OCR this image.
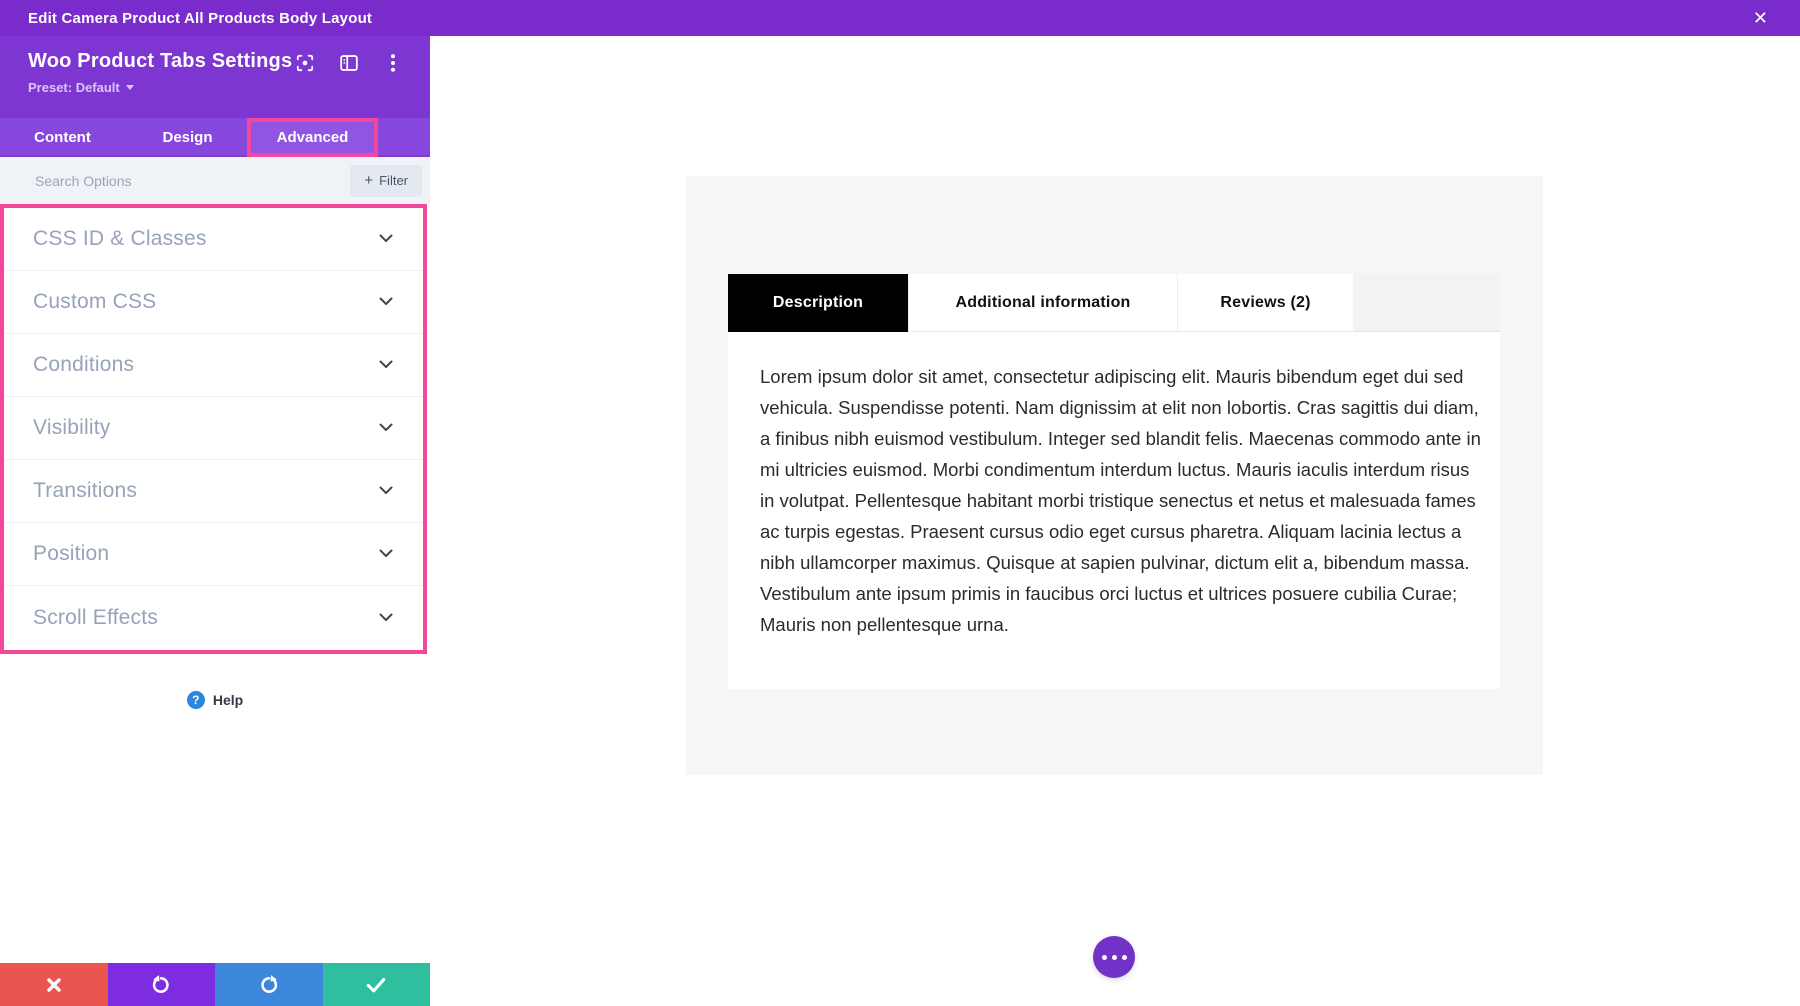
Edit Camera Product All Products Body Layout	✕
Woo Product Tabs Settings
Preset: Default
Content	Design	Advanced
Search Options
+ Filter
CSS ID & Classes
Custom CSS
Conditions
Visibility
Transitions
Position
Scroll Effects
? Help
Description	Additional information	Reviews (2)

Lorem ipsum dolor sit amet, consectetur adipiscing elit. Mauris bibendum eget dui sed vehicula. Suspendisse potenti. Nam dignissim at elit non lobortis. Cras sagittis dui diam, a finibus nibh euismod vestibulum. Integer sed blandit felis. Maecenas commodo ante in mi ultricies euismod. Morbi condimentum interdum luctus. Mauris iaculis interdum risus in volutpat. Pellentesque habitant morbi tristique senectus et netus et malesuada fames ac turpis egestas. Praesent cursus odio eget cursus pharetra. Aliquam lacinia lectus a nibh ullamcorper maximus. Quisque at sapien pulvinar, dictum elit a, bibendum massa. Vestibulum ante ipsum primis in faucibus orci luctus et ultrices posuere cubilia Curae; Mauris non pellentesque urna.
